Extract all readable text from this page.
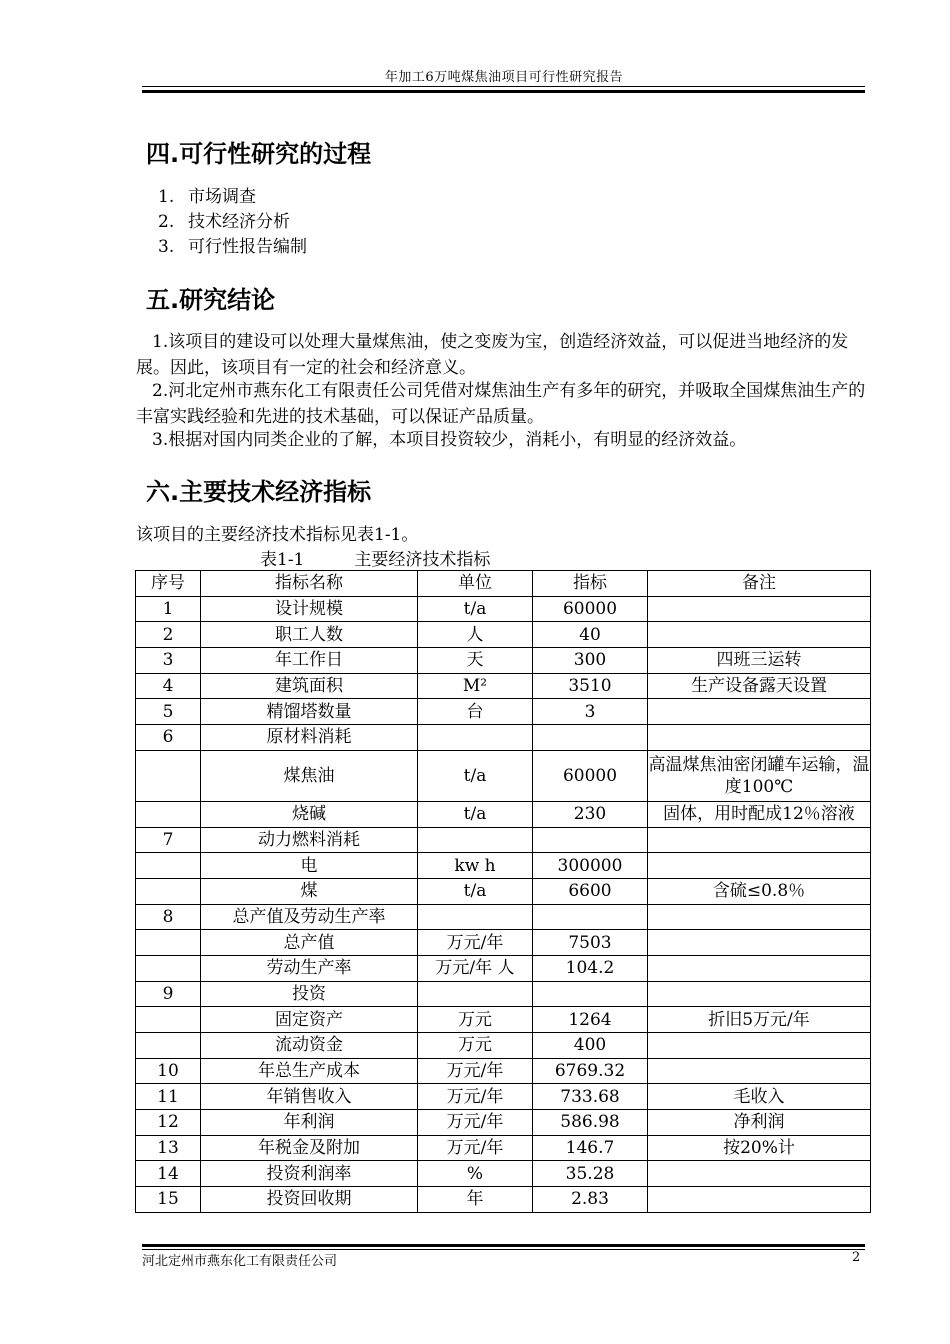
年加工6万吨煤焦油项目可行性研究报告
四.可行性研究的过程
1. 市场调查
2. 技术经济分析
3. 可行性报告编制
五.研究结论
1.该项目的建设可以处理大量煤焦油，使之变废为宝，创造经济效益，可以促进当地经济的发展。因此，该项目有一定的社会和经济意义。
2.河北定州市燕东化工有限责任公司凭借对煤焦油生产有多年的研究，并吸取全国煤焦油生产的丰富实践经验和先进的技术基础，可以保证产品质量。
3.根据对国内同类企业的了解，本项目投资较少，消耗小，有明显的经济效益。
六.主要技术经济指标
该项目的主要经济技术指标见表1-1。
表1-1	主要经济技术指标
序号	指标名称	单位	指标	备注
1	设计规模	t/a	60000	
2	职工人数	人	40	
3	年工作日	天	300	四班三运转
4	建筑面积	M²	3510	生产设备露天设置
5	精馏塔数量	台	3	
6	原材料消耗			
	煤焦油	t/a	60000	高温煤焦油密闭罐车运输，温度100℃
	烧碱	t/a	230	固体，用时配成12％溶液
7	动力燃料消耗			
	电	kw h	300000	
	煤	t/a	6600	含硫≤0.8％
8	总产值及劳动生产率			
	总产值	万元/年	7503	
	劳动生产率	万元/年 人	104.2	
9	投资			
	固定资产	万元	1264	折旧5万元/年
	流动资金	万元	400	
10	年总生产成本	万元/年	6769.32	
11	年销售收入	万元/年	733.68	毛收入
12	年利润	万元/年	586.98	净利润
13	年税金及附加	万元/年	146.7	按20%计
14	投资利润率	%	35.28	
15	投资回收期	年	2.83	
河北定州市燕东化工有限责任公司	2
